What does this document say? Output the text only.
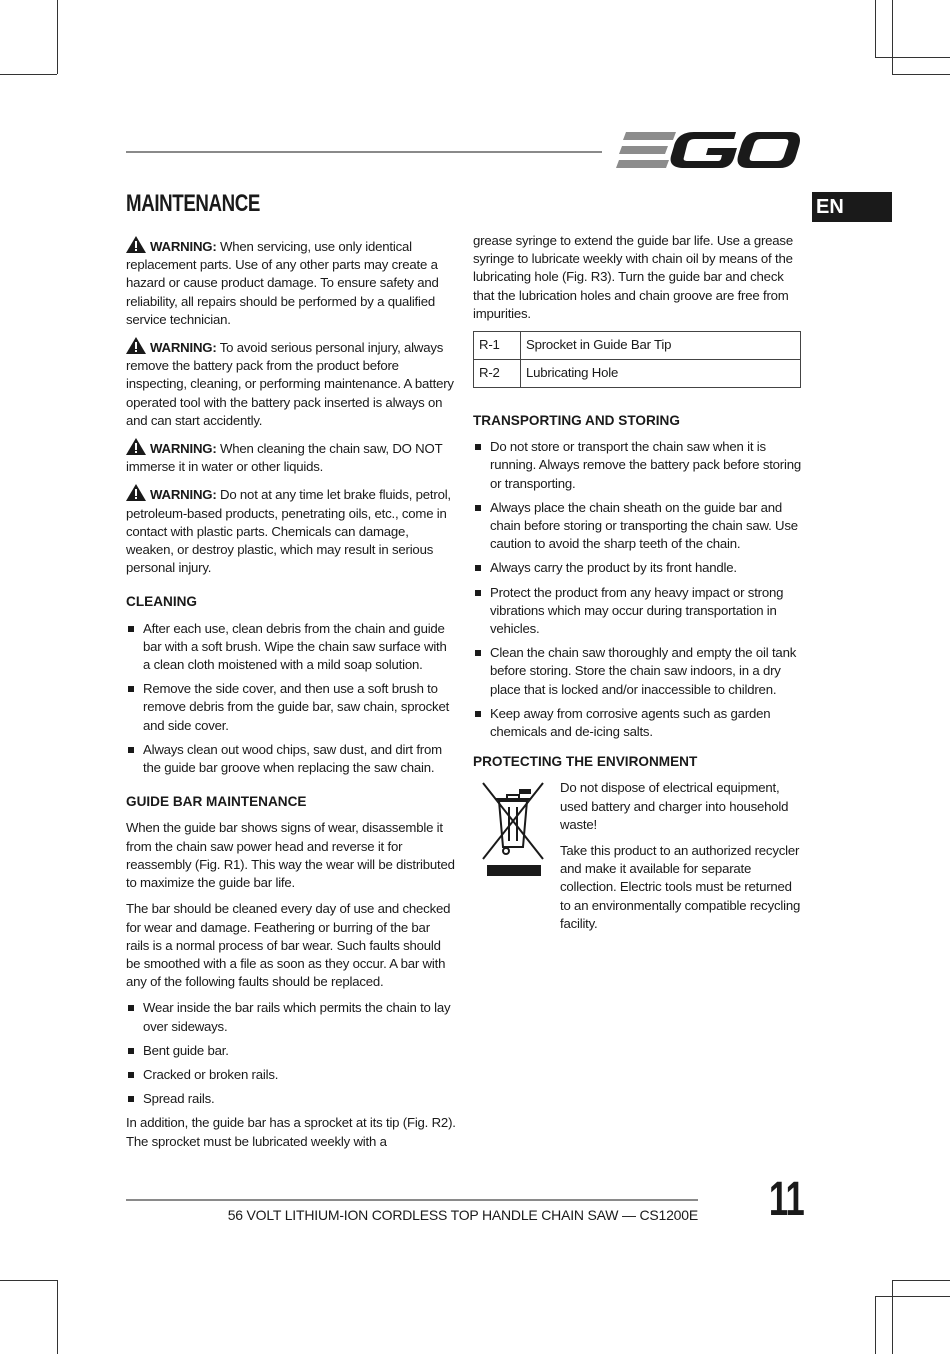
EN
MAINTENANCE

WARNING: When servicing, use only identical replacement parts. Use of any other parts may create a hazard or cause product damage. To ensure safety and reliability, all repairs should be performed by a qualified service technician.

WARNING: To avoid serious personal injury, always remove the battery pack from the product before inspecting, cleaning, or performing maintenance. A battery operated tool with the battery pack inserted is always on and can start accidently.

WARNING: When cleaning the chain saw, DO NOT immerse it in water or other liquids.

WARNING: Do not at any time let brake fluids, petrol, petroleum-based products, penetrating oils, etc., come in contact with plastic parts. Chemicals can damage, weaken, or destroy plastic, which may result in serious personal injury.

CLEANING
After each use, clean debris from the chain and guide bar with a soft brush. Wipe the chain saw surface with a clean cloth moistened with a mild soap solution.
Remove the side cover, and then use a soft brush to remove debris from the guide bar, saw chain, sprocket and side cover.
Always clean out wood chips, saw dust, and dirt from the guide bar groove when replacing the saw chain.
GUIDE BAR MAINTENANCE

When the guide bar shows signs of wear, disassemble it from the chain saw power head and reverse it for reassembly (Fig. R1). This way the wear will be distributed to maximize the guide bar life.

The bar should be cleaned every day of use and checked for wear and damage. Feathering or burring of the bar rails is a normal process of bar wear. Such faults should be smoothed with a file as soon as they occur. A bar with any of the following faults should be replaced.

Wear inside the bar rails which permits the chain to lay over sideways.
Bent guide bar.
Cracked or broken rails.
Spread rails.

In addition, the guide bar has a sprocket at its tip (Fig. R2). The sprocket must be lubricated weekly with a

grease syringe to extend the guide bar life. Use a grease syringe to lubricate weekly with chain oil by means of the lubricating hole (Fig. R3). Turn the guide bar and check that the lubrication holes and chain groove are free from impurities.

R-1	Sprocket in Guide Bar Tip
R-2	Lubricating Hole
TRANSPORTING AND STORING
Do not store or transport the chain saw when it is running. Always remove the battery pack before storing or transporting.
Always place the chain sheath on the guide bar and chain before storing or transporting the chain saw. Use caution to avoid the sharp teeth of the chain.
Always carry the product by its front handle.
Protect the product from any heavy impact or strong vibrations which may occur during transportation in vehicles.
Clean the chain saw thoroughly and empty the oil tank before storing. Store the chain saw indoors, in a dry place that is locked and/or inaccessible to children.
Keep away from corrosive agents such as garden chemicals and de-icing salts.
PROTECTING THE ENVIRONMENT

Do not dispose of electrical equipment, used battery and charger into household waste!

Take this product to an authorized recycler and make it available for separate collection. Electric tools must be returned to an environmentally compatible recycling facility.

56 VOLT LITHIUM-ION CORDLESS TOP HANDLE CHAIN SAW — CS1200E 11
